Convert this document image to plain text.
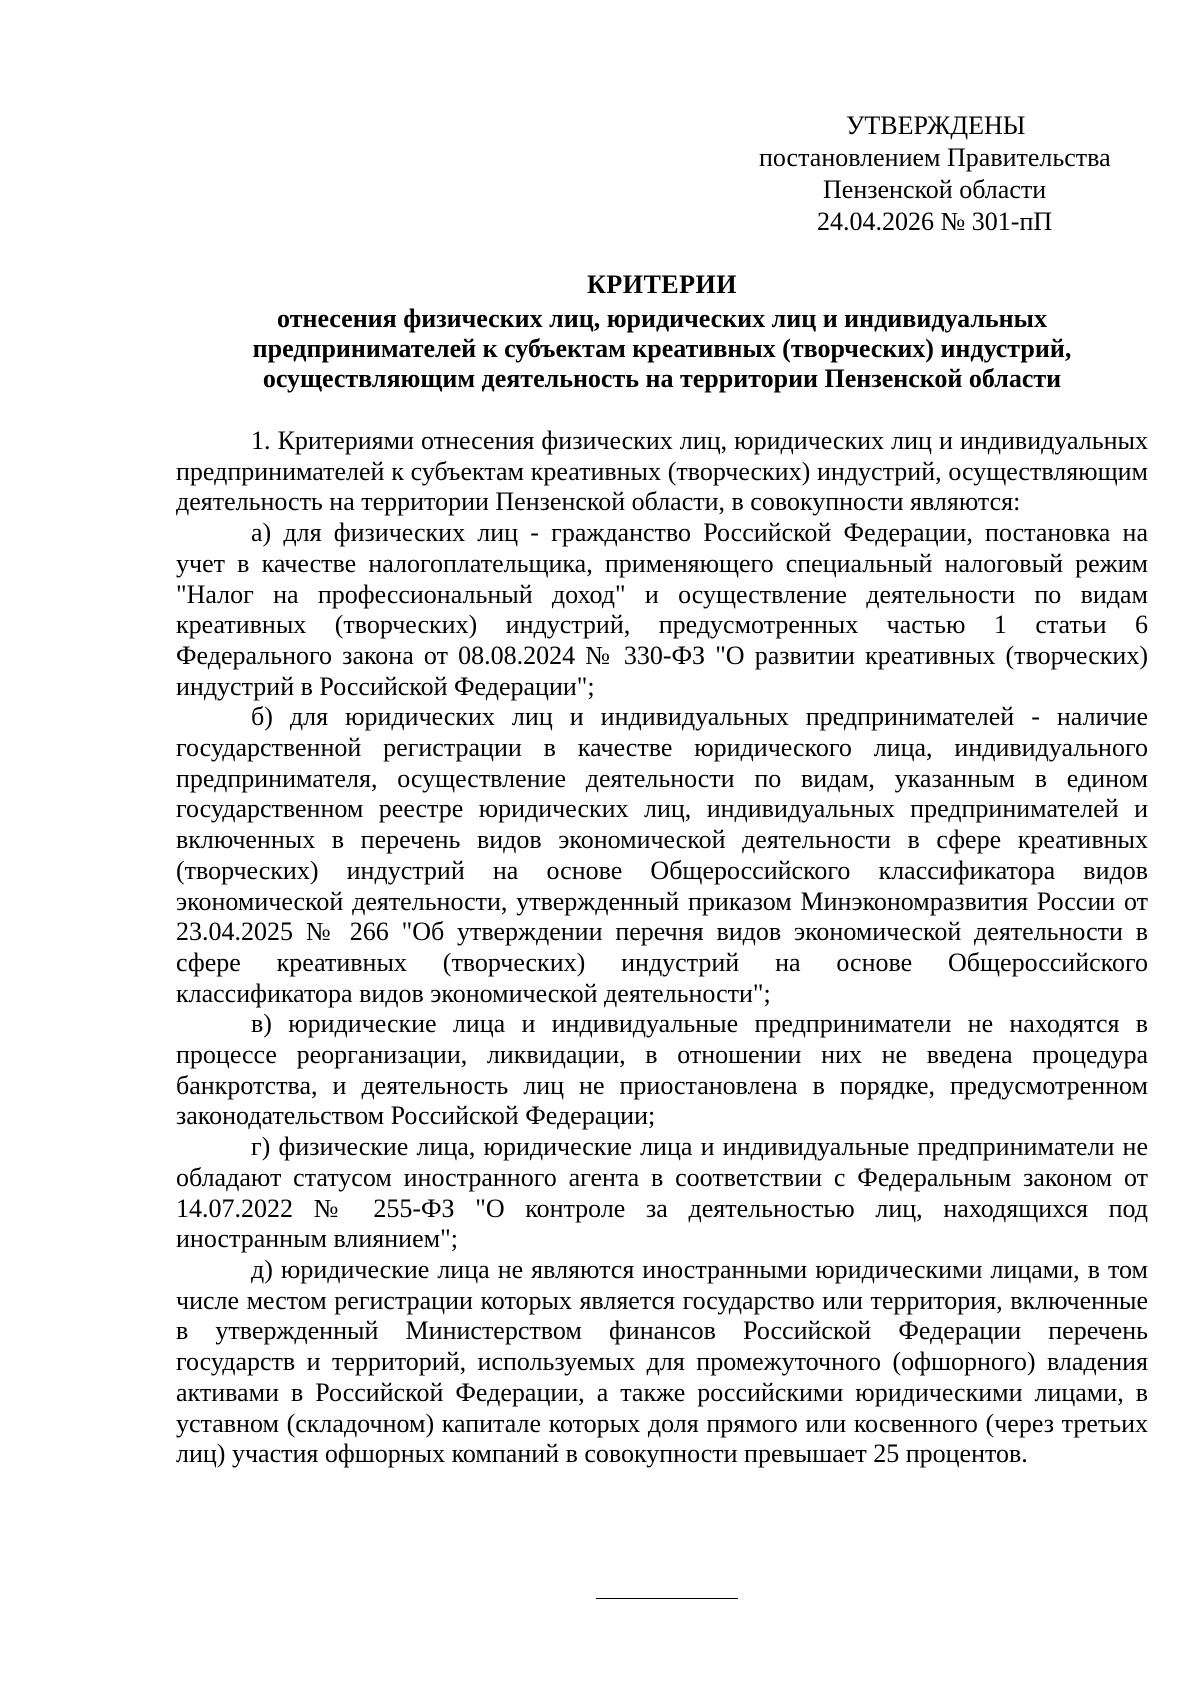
УТВЕРЖДЕНЫ
постановлением Правительства
Пензенской области
24.04.2026 № 301-пП
КРИТЕРИИ
отнесения физических лиц, юридических лиц и индивидуальных
предпринимателей к субъектам креативных (творческих) индустрий,
осуществляющим деятельность на территории Пензенской области

1. Критериями отнесения физических лиц, юридических лиц и индивидуальных предпринимателей к субъектам креативных (творческих) индустрий, осуществляющим деятельность на территории Пензенской области, в совокупности являются:

а) для физических лиц - гражданство Российской Федерации, постановка на учет в качестве налогоплательщика, применяющего специальный налоговый режим "Налог на профессиональный доход" и осуществление деятельности по видам креативных (творческих) индустрий, предусмотренных частью 1 статьи 6 Федерального закона от 08.08.2024 № 330-ФЗ "О развитии креативных (творческих) индустрий в Российской Федерации";

б) для юридических лиц и индивидуальных предпринимателей - наличие государственной регистрации в качестве юридического лица, индивидуального предпринимателя, осуществление деятельности по видам, указанным в едином государственном реестре юридических лиц, индивидуальных предпринимателей и включенных в перечень видов экономической деятельности в сфере креативных (творческих) индустрий на основе Общероссийского классификатора видов экономической деятельности, утвержденный приказом Минэкономразвития России от 23.04.2025 № 266 "Об утверждении перечня видов экономической деятельности в сфере креативных (творческих) индустрий на основе Общероссийского классификатора видов экономической деятельности";

в) юридические лица и индивидуальные предприниматели не находятся в процессе реорганизации, ликвидации, в отношении них не введена процедура банкротства, и деятельность лиц не приостановлена в порядке, предусмотренном законодательством Российской Федерации;

г) физические лица, юридические лица и индивидуальные предприниматели не обладают статусом иностранного агента в соответствии с Федеральным законом от 14.07.2022 № 255-ФЗ "О контроле за деятельностью лиц, находящихся под иностранным влиянием";

д) юридические лица не являются иностранными юридическими лицами, в том числе местом регистрации которых является государство или территория, включенные в утвержденный Министерством финансов Российской Федерации перечень государств и территорий, используемых для промежуточного (офшорного) владения активами в Российской Федерации, а также российскими юридическими лицами, в уставном (складочном) капитале которых доля прямого или косвенного (через третьих лиц) участия офшорных компаний в совокупности превышает 25 процентов.
